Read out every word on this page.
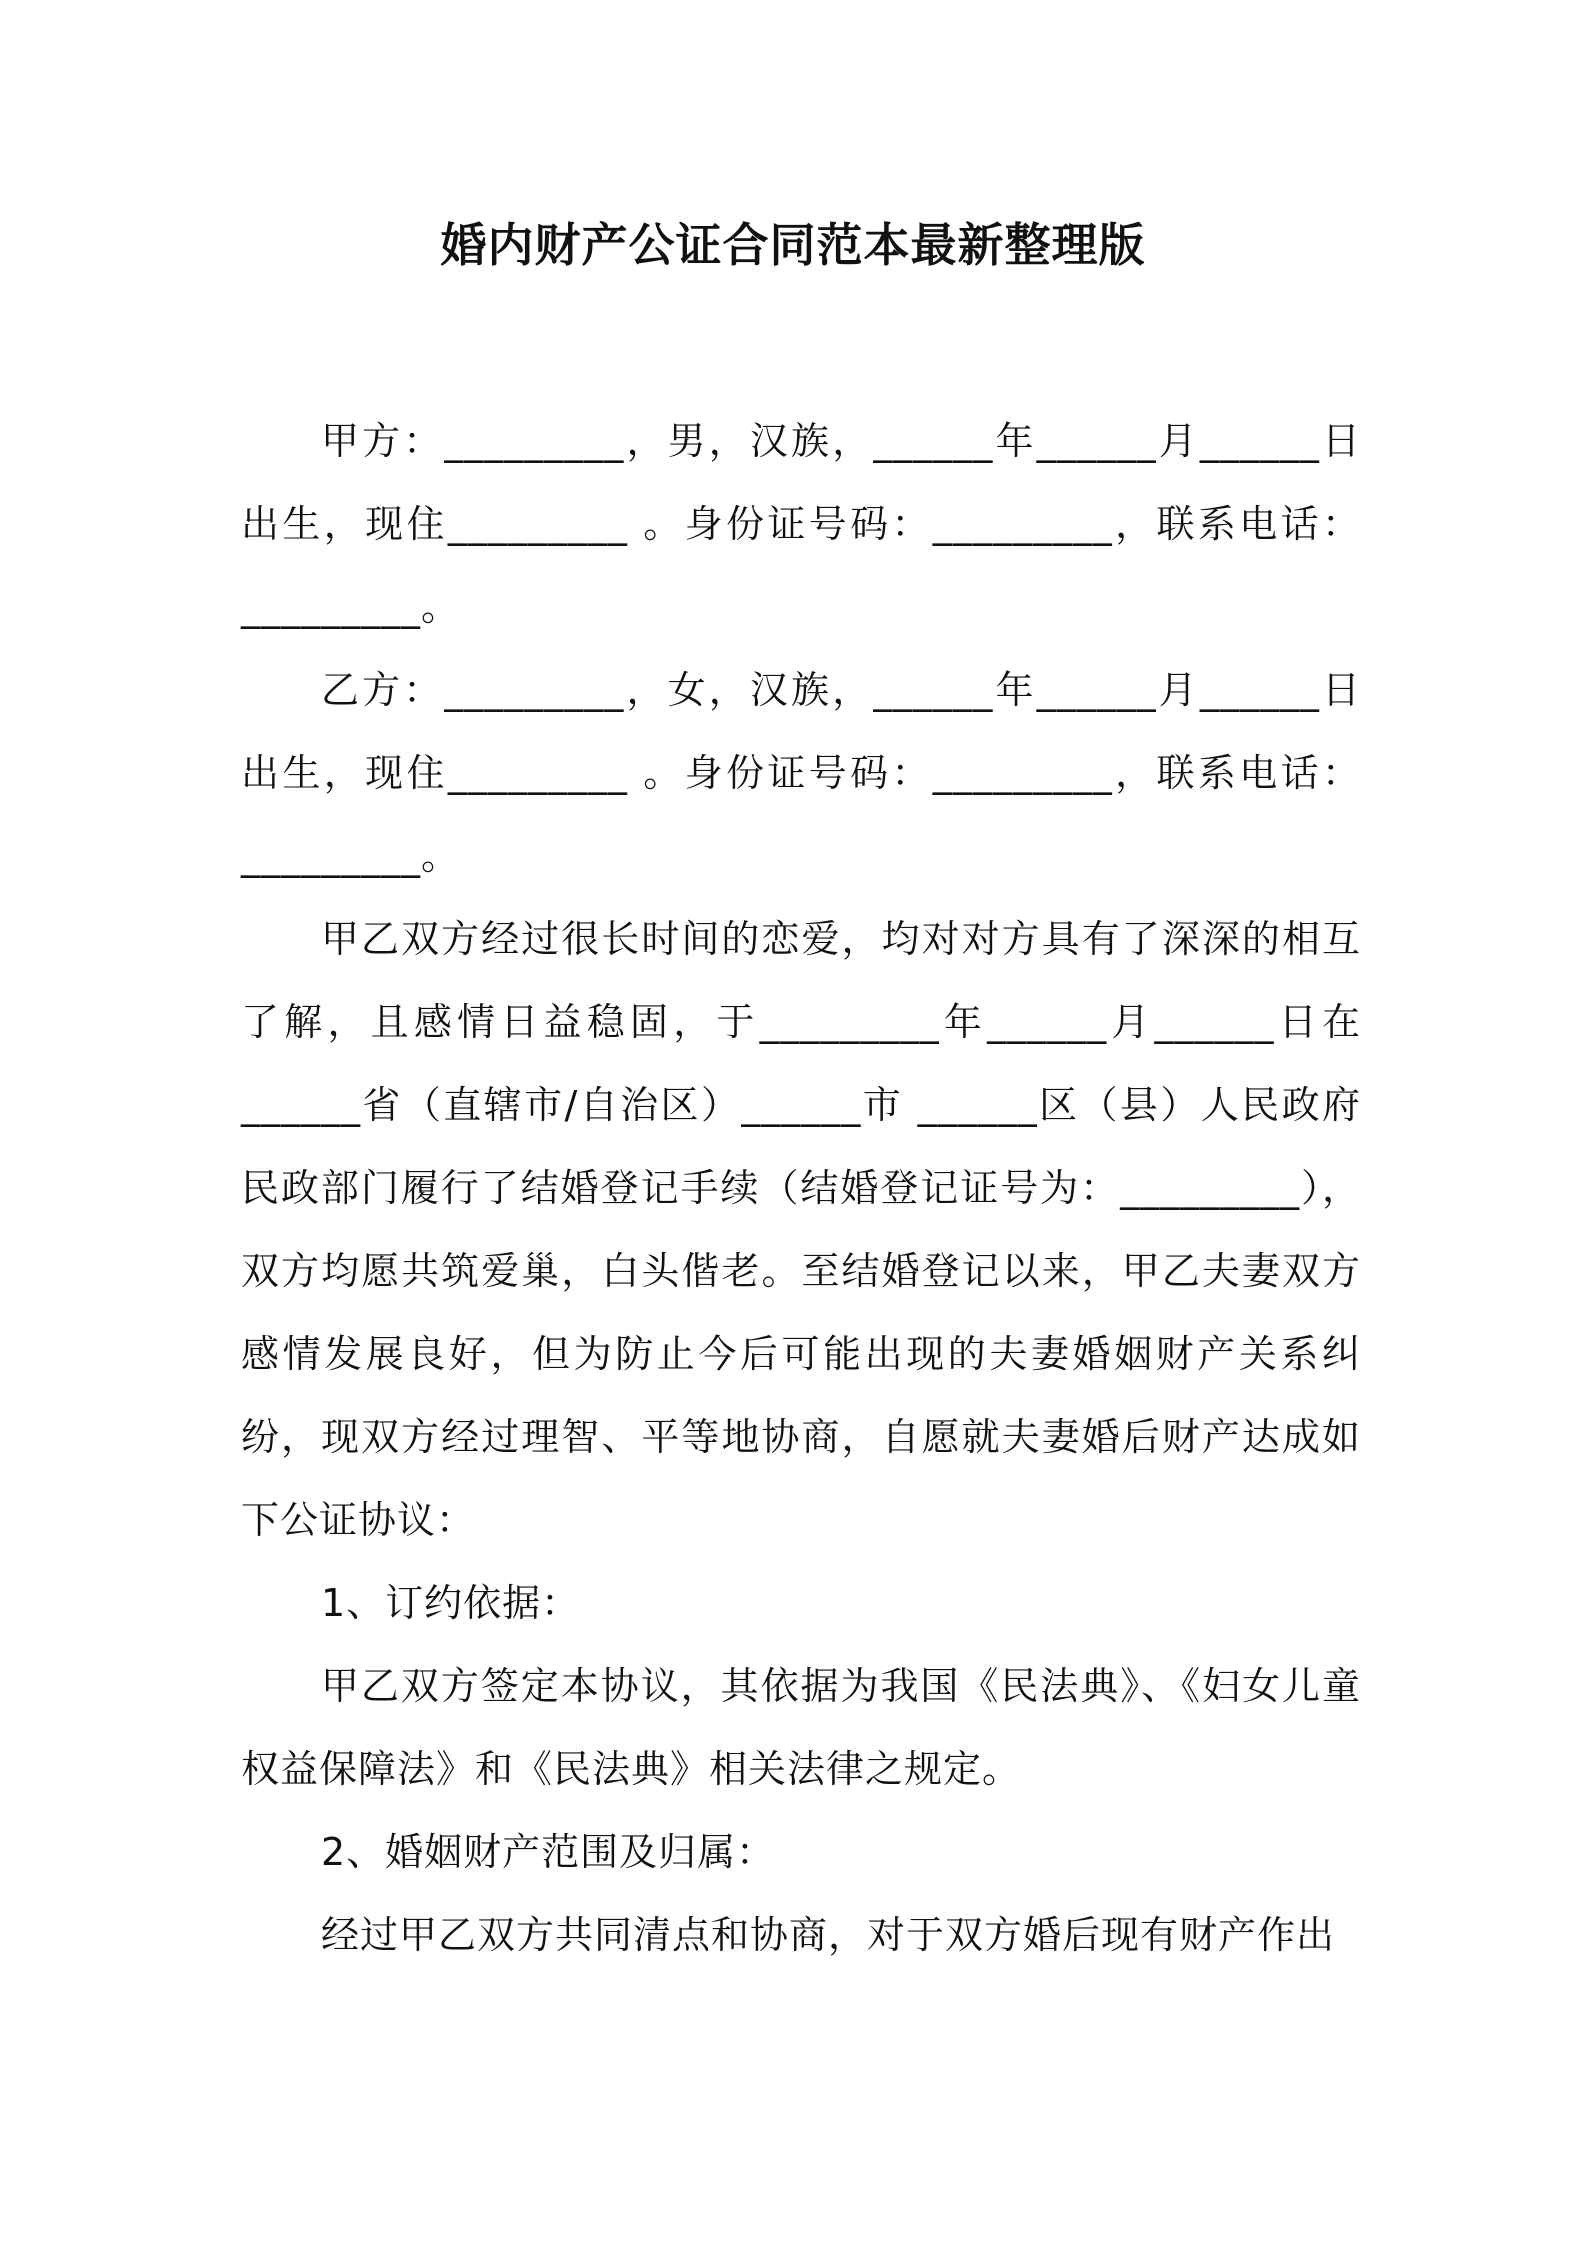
婚内财产公证合同范本最新整理版

甲方：_________，男，汉族，______年______月______日出生，现住_________ 。身份证号码：_________，联系电话：_________。

乙方：_________，女，汉族，______年______月______日出生，现住_________ 。身份证号码：_________，联系电话：_________。

甲乙双方经过很长时间的恋爱，均对对方具有了深深的相互了解，且感情日益稳固，于_________年______月______日在______省（直辖市/自治区）______市 ______区（县）人民政府民政部门履行了结婚登记手续（结婚登记证号为：_________），双方均愿共筑爱巢，白头偕老。至结婚登记以来，甲乙夫妻双方感情发展良好，但为防止今后可能出现的夫妻婚姻财产关系纠纷，现双方经过理智、平等地协商，自愿就夫妻婚后财产达成如下公证协议：

1、订约依据：

甲乙双方签定本协议，其依据为我国《民法典》、《妇女儿童权益保障法》和《民法典》相关法律之规定。

2、婚姻财产范围及归属：

经过甲乙双方共同清点和协商，对于双方婚后现有财产作出
